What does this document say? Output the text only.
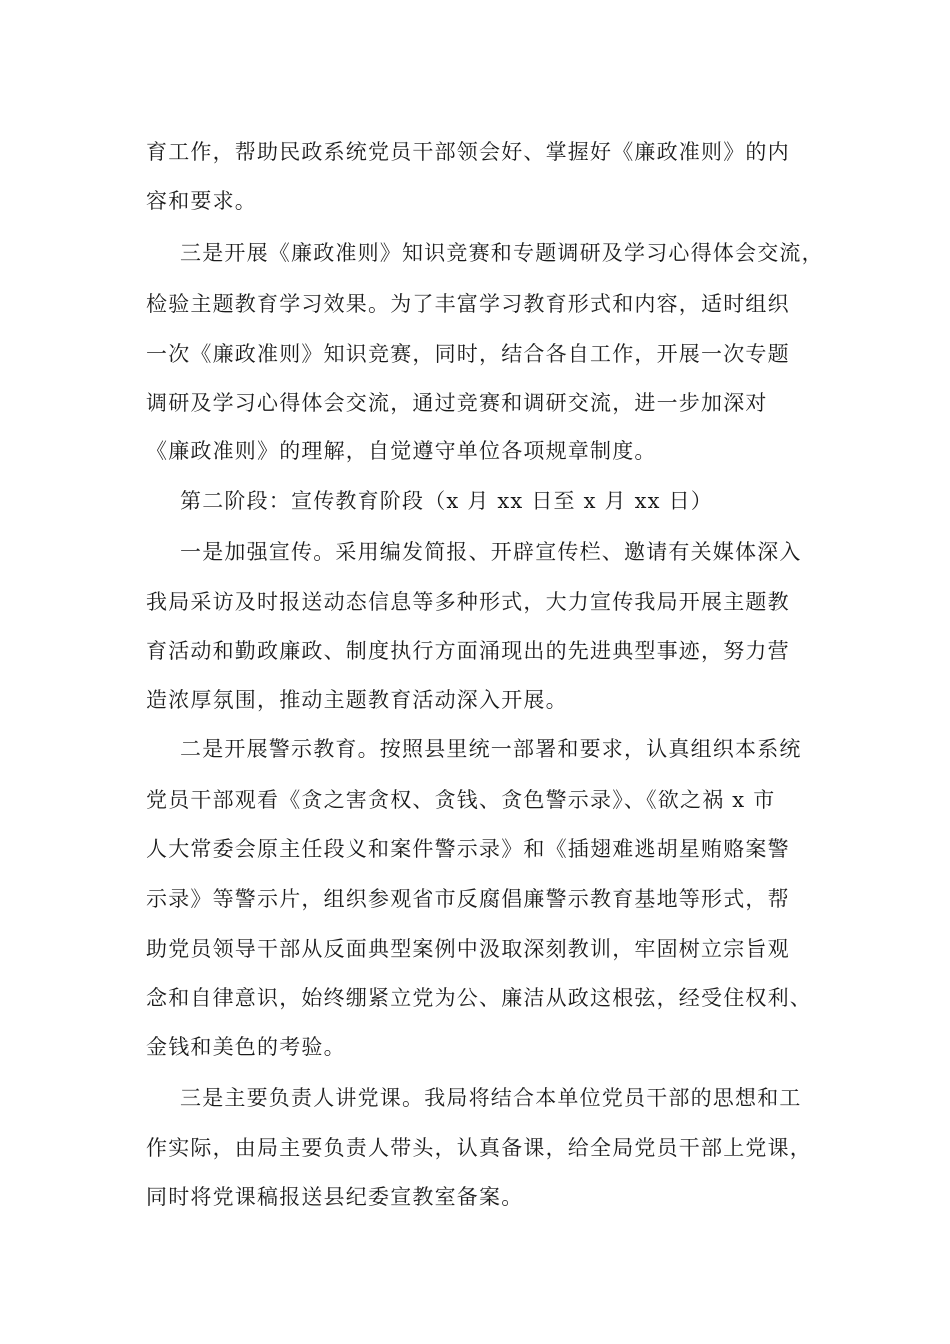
育工作，帮助民政系统党员干部领会好、掌握好《廉政准则》的内
容和要求。
三是开展《廉政准则》知识竞赛和专题调研及学习心得体会交流，
检验主题教育学习效果。为了丰富学习教育形式和内容，适时组织
一次《廉政准则》知识竞赛，同时，结合各自工作，开展一次专题
调研及学习心得体会交流，通过竞赛和调研交流，进一步加深对
《廉政准则》的理解，自觉遵守单位各项规章制度。
第二阶段：宣传教育阶段（x 月 xx 日至 x 月 xx 日）
一是加强宣传。采用编发简报、开辟宣传栏、邀请有关媒体深入
我局采访及时报送动态信息等多种形式，大力宣传我局开展主题教
育活动和勤政廉政、制度执行方面涌现出的先进典型事迹，努力营
造浓厚氛围，推动主题教育活动深入开展。
二是开展警示教育。按照县里统一部署和要求，认真组织本系统
党员干部观看《贪之害贪权、贪钱、贪色警示录》、《欲之祸 x 市
人大常委会原主任段义和案件警示录》和《插翅难逃胡星贿赂案警
示录》等警示片，组织参观省市反腐倡廉警示教育基地等形式，帮
助党员领导干部从反面典型案例中汲取深刻教训，牢固树立宗旨观
念和自律意识，始终绷紧立党为公、廉洁从政这根弦，经受住权利、
金钱和美色的考验。
三是主要负责人讲党课。我局将结合本单位党员干部的思想和工
作实际，由局主要负责人带头，认真备课，给全局党员干部上党课，
同时将党课稿报送县纪委宣教室备案。
